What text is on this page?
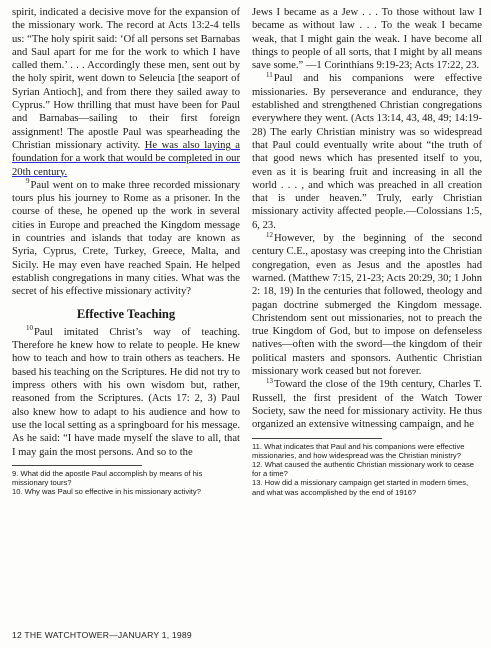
spirit, indicated a decisive move for the expansion of the missionary work. The record at Acts 13:2-4 tells us: “The holy spirit said: ‘Of all persons set Barnabas and Saul apart for me for the work to which I have called them.’ . . . Accordingly these men, sent out by the holy spirit, went down to Seleucia [the seaport of Syrian Antioch], and from there they sailed away to Cyprus.” How thrilling that must have been for Paul and Barnabas—sailing to their first foreign assignment! The apostle Paul was spearheading the Christian missionary activity. He was also laying a foundation for a work that would be completed in our 20th century.

$^9$Paul went on to make three recorded missionary tours plus his journey to Rome as a prisoner. In the course of these, he opened up the work in several cities in Europe and preached the Kingdom message in countries and islands that today are known as Syria, Cyprus, Crete, Turkey, Greece, Malta, and Sicily. He may even have reached Spain. He helped establish congregations in many cities. What was the secret of his effective missionary activity?

Effective Teaching

$^{10}$Paul imitated Christ’s way of teaching. Therefore he knew how to relate to people. He knew how to teach and how to train others as teachers. He based his teaching on the Scriptures. He did not try to impress others with his own wisdom but, rather, reasoned from the Scriptures. (Acts 17: 2, 3) Paul also knew how to adapt to his audience and how to use the local setting as a springboard for his message. As he said: “I have made myself the slave to all, that I may gain the most persons. And so to the

9. What did the apostle Paul accomplish by means of his missionary tours?
10. Why was Paul so effective in his missionary activity?

Jews I became as a Jew . . . To those without law I became as without law . . . To the weak I became weak, that I might gain the weak. I have become all things to people of all sorts, that I might by all means save some.” —1 Corinthians 9:19-23; Acts 17:22, 23.

$^{11}$Paul and his companions were effective missionaries. By perseverance and endurance, they established and strengthened Christian congregations everywhere they went. (Acts 13:14, 43, 48, 49; 14:19-28) The early Christian ministry was so widespread that Paul could eventually write about “the truth of that good news which has presented itself to you, even as it is bearing fruit and increasing in all the world . . . , and which was preached in all creation that is under heaven.” Truly, early Christian missionary activity affected people.—Colossians 1:5, 6, 23.

$^{12}$However, by the beginning of the second century C.E., apostasy was creeping into the Christian congregation, even as Jesus and the apostles had warned. (Matthew 7:15, 21-23; Acts 20:29, 30; 1 John 2: 18, 19) In the centuries that followed, theology and pagan doctrine submerged the Kingdom message. Christendom sent out missionaries, not to preach the true Kingdom of God, but to impose on defenseless natives—often with the sword—the kingdom of their political masters and sponsors. Authentic Christian missionary work ceased but not forever.

$^{13}$Toward the close of the 19th century, Charles T. Russell, the first president of the Watch Tower Society, saw the need for missionary activity. He thus organized an extensive witnessing campaign, and he

11. What indicates that Paul and his companions were effective missionaries, and how widespread was the Christian ministry?
12. What caused the authentic Christian missionary work to cease for a time?
13. How did a missionary campaign get started in modern times, and what was accomplished by the end of 1916?
12 THE WATCHTOWER—JANUARY 1, 1989
